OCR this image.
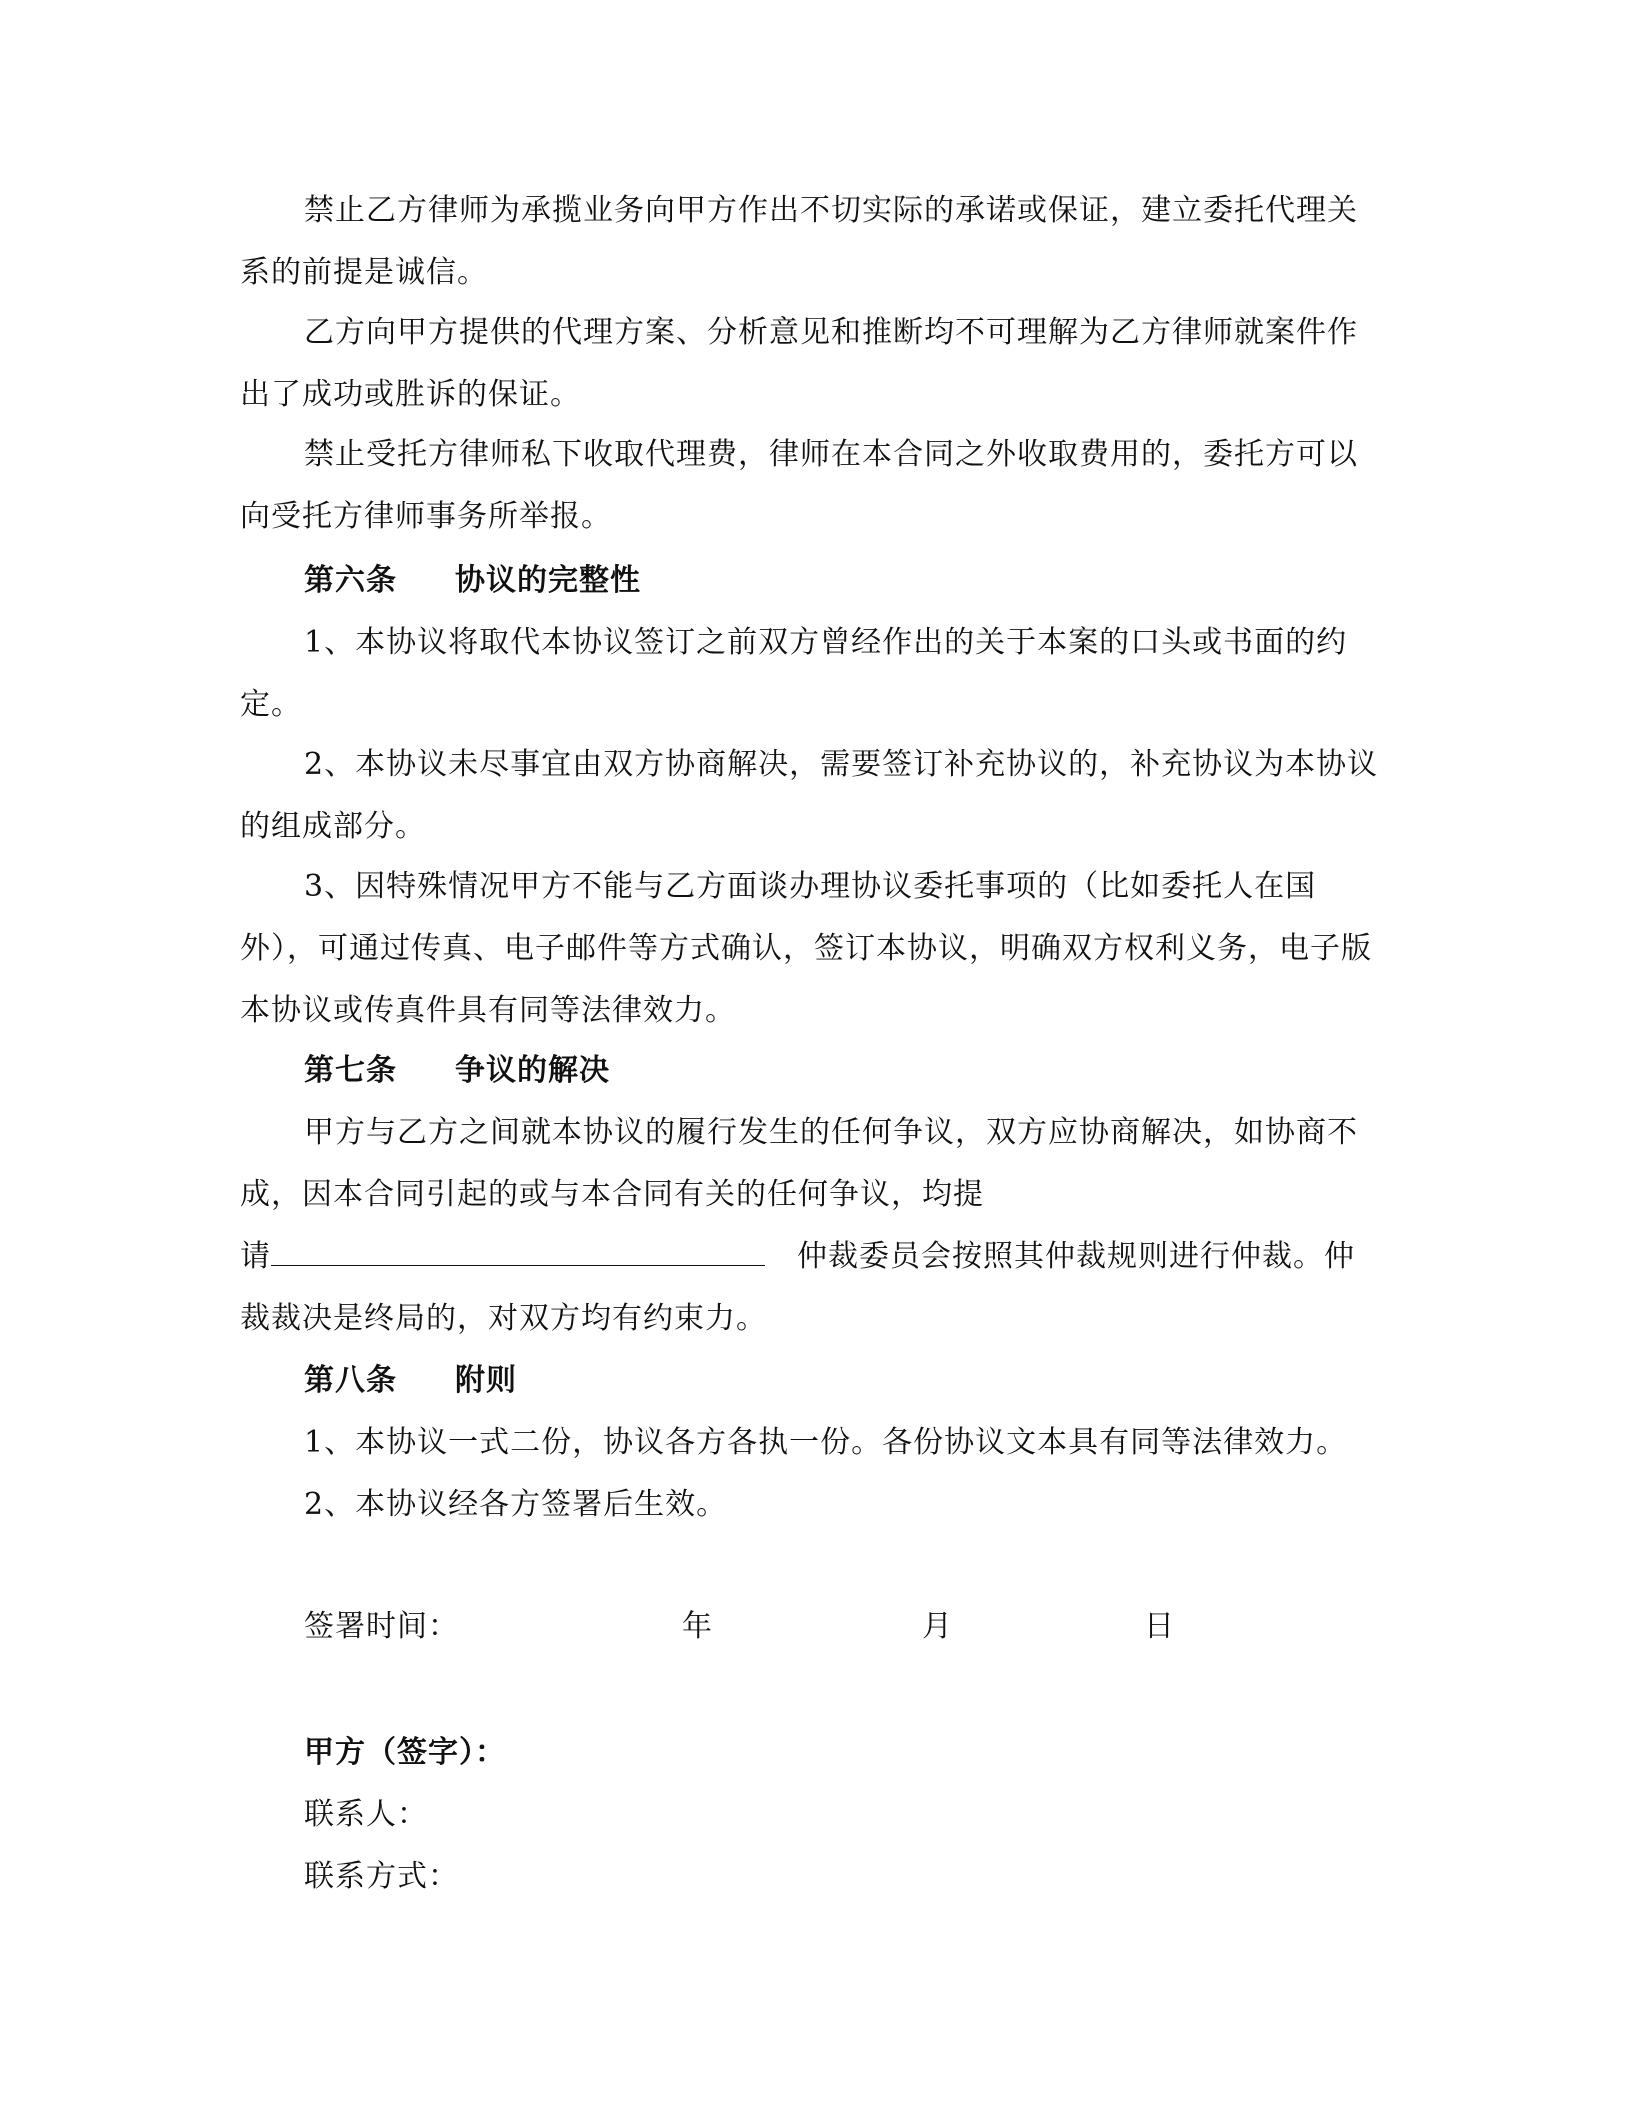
禁止乙方律师为承揽业务向甲方作出不切实际的承诺或保证，建立委托代理关系的前提是诚信。

乙方向甲方提供的代理方案、分析意见和推断均不可理解为乙方律师就案件作出了成功或胜诉的保证。

禁止受托方律师私下收取代理费，律师在本合同之外收取费用的，委托方可以向受托方律师事务所举报。

第六条 协议的完整性

1、本协议将取代本协议签订之前双方曾经作出的关于本案的口头或书面的约定。

2、本协议未尽事宜由双方协商解决，需要签订补充协议的，补充协议为本协议的组成部分。

3、因特殊情况甲方不能与乙方面谈办理协议委托事项的（比如委托人在国外），可通过传真、电子邮件等方式确认，签订本协议，明确双方权利义务，电子版本协议或传真件具有同等法律效力。

第七条 争议的解决

甲方与乙方之间就本协议的履行发生的任何争议，双方应协商解决，如协商不成，因本合同引起的或与本合同有关的任何争议，均提

请	仲裁委员会按照其仲裁规则进行仲裁。仲

裁裁决是终局的，对双方均有约束力。

第八条 附则

1、本协议一式二份，协议各方各执一份。各份协议文本具有同等法律效力。

2、本协议经各方签署后生效。

签署时间：	年	月	日

甲方（签字）：

联系人：

联系方式：
